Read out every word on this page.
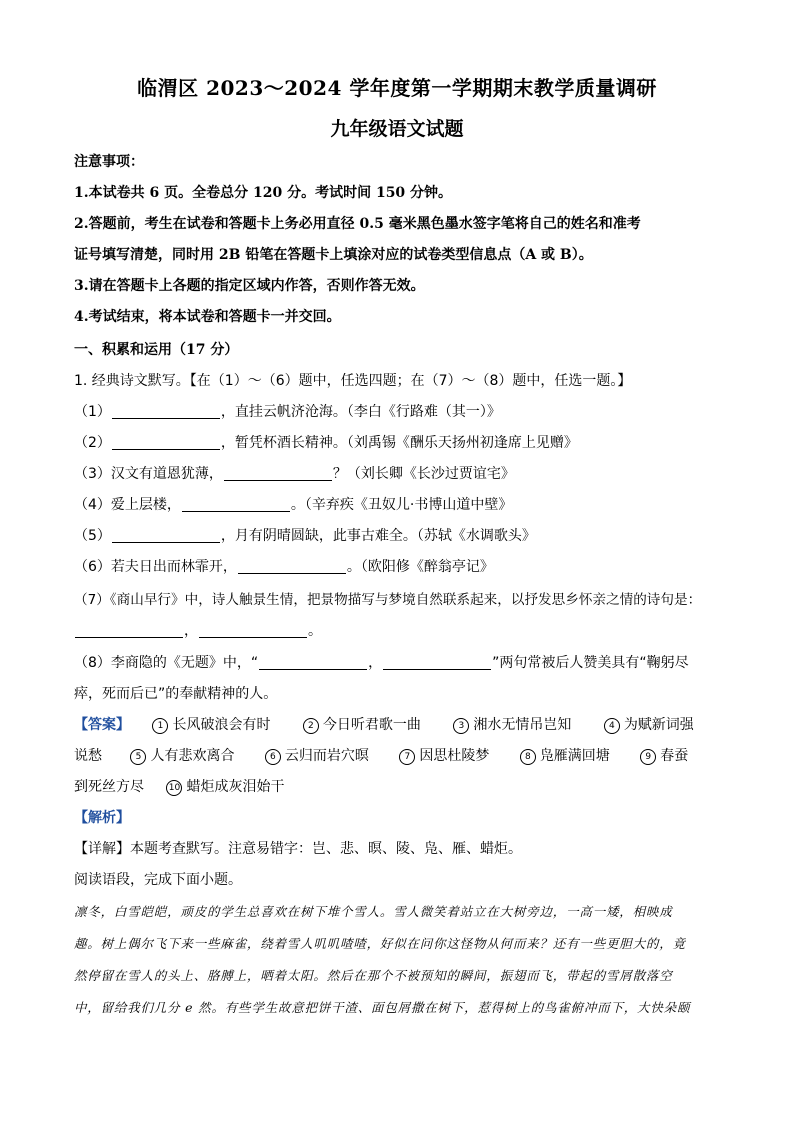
临渭区 2023～2024 学年度第一学期期末教学质量调研
九年级语文试题
注意事项：
1.本试卷共 6 页。全卷总分 120 分。考试时间 150 分钟。
2.答题前，考生在试卷和答题卡上务必用直径 0.5 毫米黑色墨水签字笔将自己的姓名和准考
证号填写清楚，同时用 2B 铅笔在答题卡上填涂对应的试卷类型信息点（A 或 B）。
3.请在答题卡上各题的指定区域内作答，否则作答无效。
4.考试结束，将本试卷和答题卡一并交回。
一、积累和运用（17 分）
1. 经典诗文默写。【在（1）～（6）题中，任选四题；在（7）～（8）题中，任选一题。】
（1）	，直挂云帆济沧海。（李白《行路难（其一）》
（2）	，暂凭杯酒长精神。（刘禹锡《酬乐天扬州初逢席上见赠》
（3）汉文有道恩犹薄，	？（刘长卿《长沙过贾谊宅》
（4）爱上层楼，	。（辛弃疾《丑奴儿·书博山道中壁》
（5）	，月有阴晴圆缺，此事古难全。（苏轼《水调歌头》
（6）若夫日出而林霏开，	。（欧阳修《醉翁亭记》
（7）《商山早行》中，诗人触景生情，把景物描写与梦境自然联系起来，以抒发思乡怀亲之情的诗句是：
，	。
（8）李商隐的《无题》中，“	，	”两句常被后人赞美具有“鞠躬尽
瘁，死而后已”的奉献精神的人。
【答案】	1 长风破浪会有时	2 今日听君歌一曲	3 湘水无情吊岂知	4 为赋新词强
说愁	5 人有悲欢离合	6 云归而岩穴暝	7 因思杜陵梦	8 凫雁满回塘	9 春蚕
到死丝方尽	10 蜡炬成灰泪始干
【解析】
【详解】本题考查默写。注意易错字：岂、悲、暝、陵、凫、雁、蜡炬。
阅读语段，完成下面小题。
凛冬，白雪皑皑，顽皮的学生总喜欢在树下堆个雪人。雪人微笑着站立在大树旁边，一高一矮，相映成
趣。树上偶尔飞下来一些麻雀，绕着雪人叽叽喳喳，好似在问你这怪物从何而来？还有一些更胆大的，竟
然停留在雪人的头上、胳膊上，晒着太阳。然后在那个不被预知的瞬间，振翅而飞，带起的雪屑散落空
中，留给我们几分 e 然。有些学生故意把饼干渣、面包屑撒在树下，惹得树上的鸟雀俯冲而下，大快朵颐
